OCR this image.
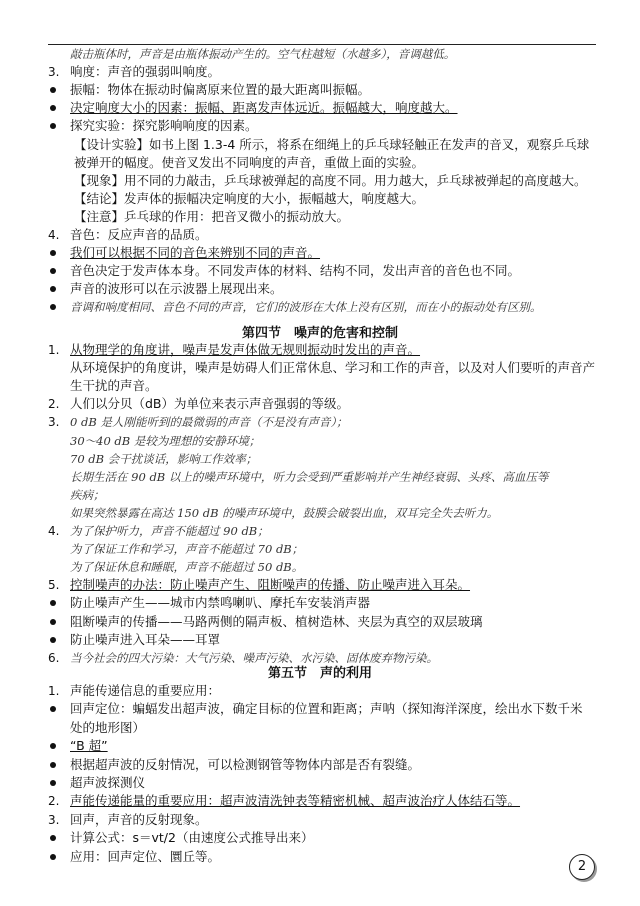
敲击瓶体时，声音是由瓶体振动产生的。空气柱越短（水越多），音调越低。
3. 响度：声音的强弱叫响度。
振幅：物体在振动时偏离原来位置的最大距离叫振幅。
决定响度大小的因素：振幅、距离发声体远近。振幅越大，响度越大。
探究实验：探究影响响度的因素。
【设计实验】如书上图 1.3-4 所示，将系在细绳上的乒乓球轻触正在发声的音叉，观察乒乓球
被弹开的幅度。使音叉发出不同响度的声音，重做上面的实验。
【现象】用不同的力敲击，乒乓球被弹起的高度不同。用力越大，乒乓球被弹起的高度越大。
【结论】发声体的振幅决定响度的大小，振幅越大，响度越大。
【注意】乒乓球的作用：把音叉微小的振动放大。
4. 音色：反应声音的品质。
我们可以根据不同的音色来辨别不同的声音。
音色决定于发声体本身。不同发声体的材料、结构不同，发出声音的音色也不同。
声音的波形可以在示波器上展现出来。
音调和响度相同、音色不同的声音，它们的波形在大体上没有区别，而在小的振动处有区别。
1. 从物理学的角度讲，噪声是发声体做无规则振动时发出的声音。
从环境保护的角度讲，噪声是妨碍人们正常休息、学习和工作的声音，以及对人们要听的声音产
生干扰的声音。
2. 人们以分贝（dB）为单位来表示声音强弱的等级。
3. 0 dB 是人刚能听到的最微弱的声音（不是没有声音）；
30～40 dB 是较为理想的安静环境；
70 dB 会干扰谈话，影响工作效率；
长期生活在 90 dB 以上的噪声环境中，听力会受到严重影响并产生神经衰弱、头疼、高血压等
疾病；
如果突然暴露在高达 150 dB 的噪声环境中，鼓膜会破裂出血，双耳完全失去听力。
4. 为了保护听力，声音不能超过 90 dB；
为了保证工作和学习，声音不能超过 70 dB；
为了保证休息和睡眠，声音不能超过 50 dB。
5. 控制噪声的办法：防止噪声产生、阻断噪声的传播、防止噪声进入耳朵。
防止噪声产生——城市内禁鸣喇叭、摩托车安装消声器
阻断噪声的传播——马路两侧的隔声板、植树造林、夹层为真空的双层玻璃
防止噪声进入耳朵——耳罩
6. 当今社会的四大污染：大气污染、噪声污染、水污染、固体废弃物污染。
1. 声能传递信息的重要应用：
回声定位：蝙蝠发出超声波，确定目标的位置和距离；声呐（探知海洋深度，绘出水下数千米
处的地形图）
“B 超”
根据超声波的反射情况，可以检测钢管等物体内部是否有裂缝。
超声波探测仪
2. 声能传递能量的重要应用：超声波清洗钟表等精密机械、超声波治疗人体结石等。
3. 回声，声音的反射现象。
计算公式：s＝vt/2（由速度公式推导出来）
应用：回声定位、圜丘等。
第四节　噪声的危害和控制
第五节　声的利用
2
